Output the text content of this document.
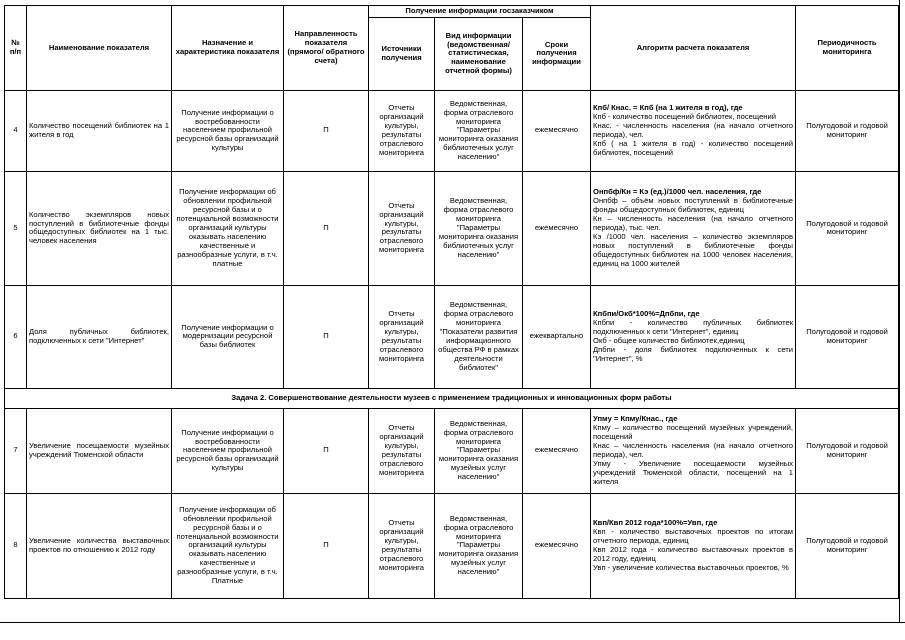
№ п/п	Наименование показателя	Назначение и характеристика показателя	Направленность показателя (прямого/ обратного счета)	Получение информации госзаказчиком			Алгоритм расчета показателя	Периодичность мониторинга
				Источники получения	Вид информации (ведомственная/ статистическая, наименование отчетной формы)	Сроки получения информации		
4	Количество посещений библиотек на 1 жителя в год	Получение информации о востребованности населением профильной ресурсной базы организаций культуры	П	Отчеты организаций культуры, результаты отраслевого мониторинга	Ведомственная, форма отраслевого мониторинга "Параметры мониторинга оказания библиотечных услуг населению"	ежемесячно	Кпб/ Кнас. = Кпб (на 1 жителя в год), где
Кпб - количество посещений библиотек, посещений
Кнас. - численность населения (на начало отчетного периода), чел.
Кпб ( на 1 жителя в год) - количество посещений библиотек, посещений	Полугодовой и годовой мониторинг
5	Количество экземпляров новых поступлений в библиотечные фонды общедоступных библиотек на 1 тыс. человек населения	Получение информации об обновлении профильной ресурсной базы и о потенциальной возможности организаций культуры оказывать населению качественные и разнообразные услуги, в т.ч. платные	П	Отчеты организаций культуры, результаты отраслевого мониторинга	Ведомственная, форма отраслевого мониторинга "Параметры мониторинга оказания библиотечных услуг населению"	ежемесячно	Онпбф/Кн = Кэ (ед.)/1000 чел. населения, где
Онпбф – объём новых поступлений в библиотечные фонды общедоступных библиотек, единиц
Кн – численность населения (на начало отчетного периода), тыс. чел.
Кэ /1000 чел. населения – количество экземпляров новых поступлений в библиотечные фонды общедоступных библиотек на 1000 человек населения, единиц на 1000 жителей	Полугодовой и годовой мониторинг
6	Доля публичных библиотек, подключенных к сети "Интернет"	Получение информации о модернизации ресурсной базы библиотек	П	Отчеты организаций культуры, результаты отраслевого мониторинга	Ведомственная, форма отраслевого мониторинга "Показатели развития информационного общества РФ в рамках деятельности библиотек"	ежеквартально	Кпбпи/Окб*100%=Дпбпи, где
Кпбпи - количество публичных библиотек подключенных к сети "Интернет", единиц
Окб - общее количество библиотек,единиц
Дпбпи - доля библиотек подключенных к сети "Интернет", %	Полугодовой и годовой мониторинг
Задача 2. Совершенствование деятельности музеев с применением традиционных и инновационных форм работы								
7	Увеличение посещаемости музейных учреждений Тюменской области	Получение информации о востребованности населением профильной ресурсной базы организаций культуры	П	Отчеты организаций культуры, результаты отраслевого мониторинга	Ведомственная, форма отраслевого мониторинга "Параметры мониторинга оказания музейных услуг населению"	ежемесячно	Упму = Кпму/Кнас., где
Кпму – количество посещений музейных учреждений, посещений
Кнас – численность населения (на начало отчетного периода), чел.
Упму - Увеличение посещаемости музейных учреждений Тюменской области, посещений на 1 жителя	Полугодовой и годовой мониторинг
8	Увеличение количества выставочных проектов по отношению к 2012 году	Получение информации об обновлении профильной ресурсной базы и о потенциальной возможности организаций культуры оказывать населению качественные и разнообразные услуги, в т.ч. Платные	П	Отчеты организаций культуры, результаты отраслевого мониторинга	Ведомственная, форма отраслевого мониторинга "Параметры мониторинга оказания музейных услуг населению"	ежемесячно	Квп/Квп 2012 года*100%=Увп, где
Квп - количество выставочных проектов по итогам отчетного периода, единиц
Квп 2012 года - количество выставочных проектов в 2012 году, единиц
Увп - увеличение количества выставочных проектов, %	Полугодовой и годовой мониторинг
